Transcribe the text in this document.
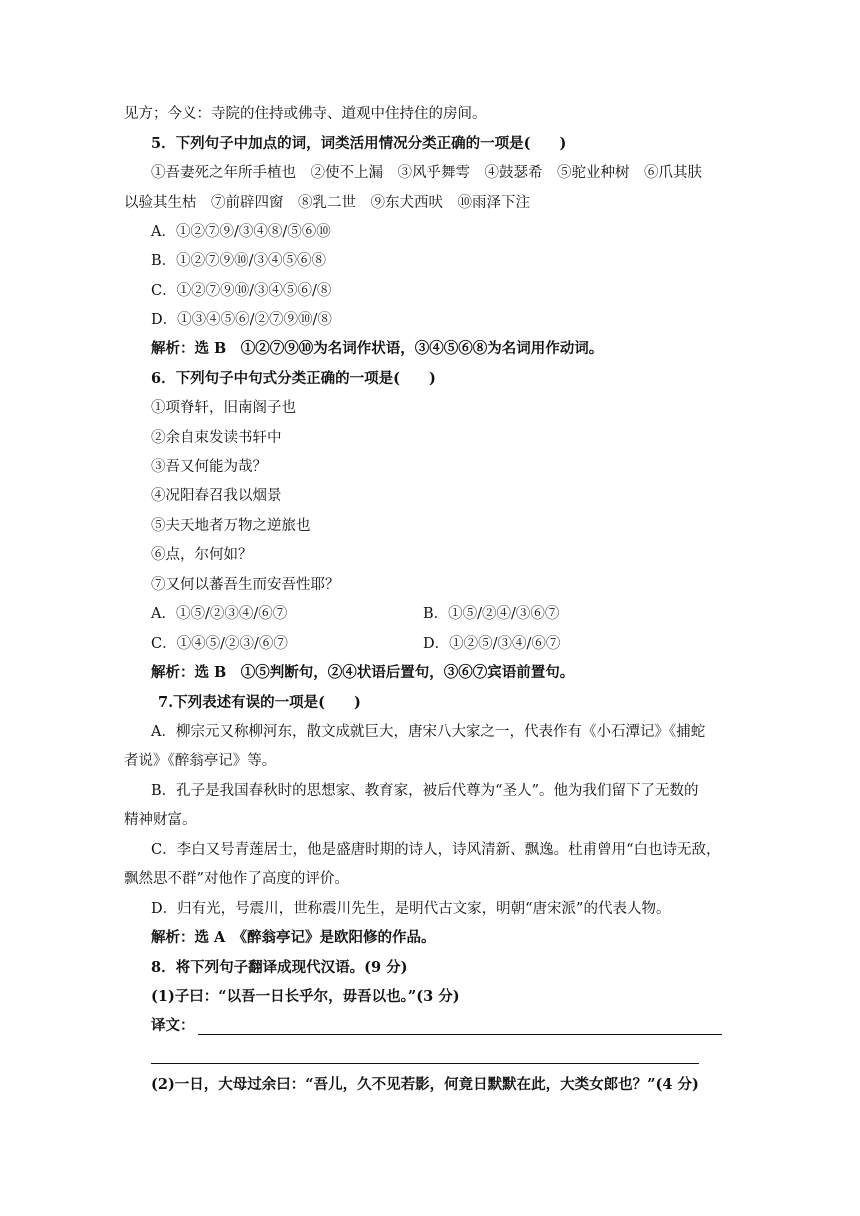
见方；今义：寺院的住持或佛寺、道观中住持住的房间。
5．下列句子中加点的词，词类活用情况分类正确的一项是(　　)
①吾妻死之年所手植也　②使不上漏　③风乎舞雩　④鼓瑟希　⑤驼业种树　⑥爪其肤
以验其生枯　⑦前辟四窗　⑧乳二世　⑨东犬西吠　⑩雨泽下注
A．①②⑦⑨/③④⑧/⑤⑥⑩
B．①②⑦⑨⑩/③④⑤⑥⑧
C．①②⑦⑨⑩/③④⑤⑥/⑧
D．①③④⑤⑥/②⑦⑨⑩/⑧
解析：选 B　①②⑦⑨⑩为名词作状语，③④⑤⑥⑧为名词用作动词。
6．下列句子中句式分类正确的一项是(　　)
①项脊轩，旧南阁子也
②余自束发读书轩中
③吾又何能为哉？
④况阳春召我以烟景
⑤夫天地者万物之逆旅也
⑥点，尔何如？
⑦又何以蕃吾生而安吾性耶？
A．①⑤/②③④/⑥⑦	B．①⑤/②④/③⑥⑦
C．①④⑤/②③/⑥⑦	D．①②⑤/③④/⑥⑦
解析：选 B　①⑤判断句，②④状语后置句，③⑥⑦宾语前置句。
7.下列表述有误的一项是(　　)
A．柳宗元又称柳河东，散文成就巨大，唐宋八大家之一，代表作有《小石潭记》《捕蛇
者说》《醉翁亭记》等。
B．孔子是我国春秋时的思想家、教育家，被后代尊为“圣人”。他为我们留下了无数的
精神财富。
C．李白又号青莲居士，他是盛唐时期的诗人，诗风清新、飘逸。杜甫曾用“白也诗无敌，
飘然思不群”对他作了高度的评价。
D．归有光，号震川，世称震川先生，是明代古文家，明朝“唐宋派”的代表人物。
解析：选 A　《醉翁亭记》是欧阳修的作品。
8．将下列句子翻译成现代汉语。(9 分)
(1)子曰：“以吾一日长乎尔，毋吾以也。”(3 分)
译文：
(2)一日，大母过余曰：“吾儿，久不见若影，何竟日默默在此，大类女郎也？”(4 分)
